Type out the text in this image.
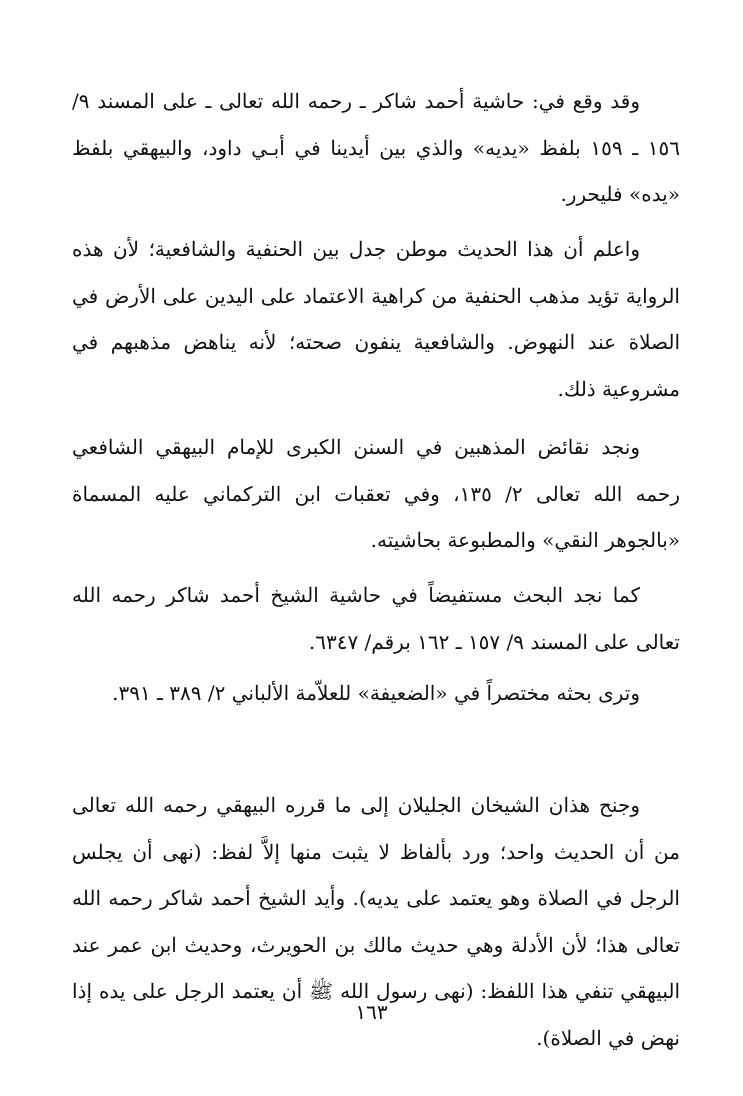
وقد وقع في: حاشية أحمد شاكر ـ رحمه الله تعالى ـ على المسند ٩/ ١٥٦ ـ ١٥٩ بلفظ «يديه» والذي بين أيدينا في أبـي داود، والبيهقي بلفظ «يده» فليحرر.

واعلم أن هذا الحديث موطن جدل بين الحنفية والشافعية؛ لأن هذه الرواية تؤيد مذهب الحنفية من كراهية الاعتماد على اليدين على الأرض في الصلاة عند النهوض. والشافعية ينفون صحته؛ لأنه يناهض مذهبهم في مشروعية ذلك.

ونجد نقائض المذهبين في السنن الكبرى للإمام البيهقي الشافعي رحمه الله تعالى ٢/ ١٣٥، وفي تعقبات ابن التركماني عليه المسماة «بالجوهر النقي» والمطبوعة بحاشيته.

كما نجد البحث مستفيضاً في حاشية الشيخ أحمد شاكر رحمه الله تعالى على المسند ٩/ ١٥٧ ـ ١٦٢ برقم/ ٦٣٤٧.

وترى بحثه مختصراً في «الضعيفة» للعلاّمة الألباني ٢/ ٣٨٩ ـ ٣٩١.

وجنح هذان الشيخان الجليلان إلى ما قرره البيهقي رحمه الله تعالى من أن الحديث واحد؛ ورد بألفاظ لا يثبت منها إلاَّ لفظ: (نهى أن يجلس الرجل في الصلاة وهو يعتمد على يديه). وأيد الشيخ أحمد شاكر رحمه الله تعالى هذا؛ لأن الأدلة وهي حديث مالك بن الحويرث، وحديث ابن عمر عند البيهقي تنفي هذا اللفظ: (نهى رسول الله ﷺ أن يعتمد الرجل على يده إذا نهض في الصلاة).

١٦٣
